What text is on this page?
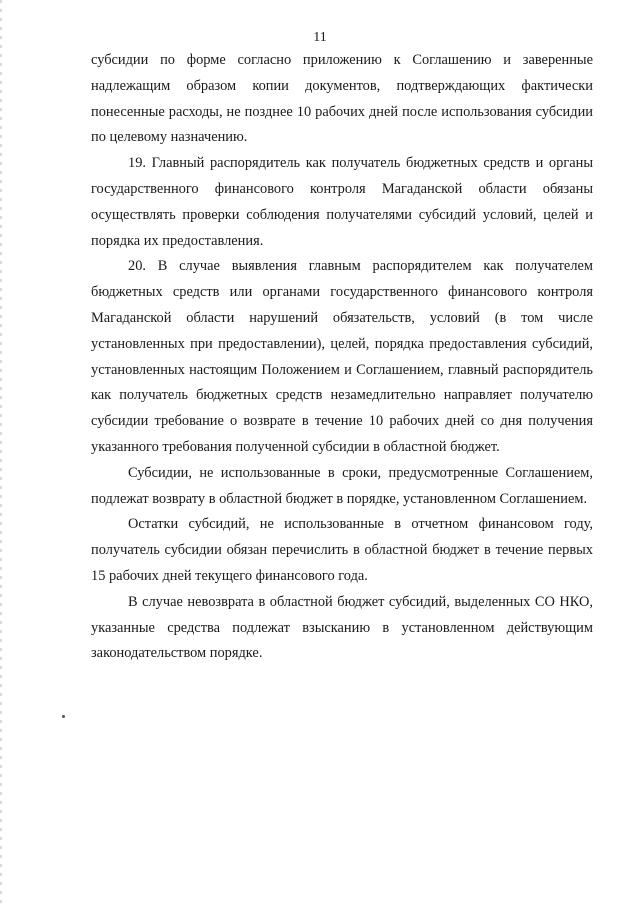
11

субсидии по форме согласно приложению к Соглашению и заверенные надлежащим образом копии документов, подтверждающих фактически понесенные расходы, не позднее 10 рабочих дней после использования субсидии по целевому назначению.

19. Главный распорядитель как получатель бюджетных средств и органы государственного финансового контроля Магаданской области обязаны осуществлять проверки соблюдения получателями субсидий условий, целей и порядка их предоставления.

20. В случае выявления главным распорядителем как получателем бюджетных средств или органами государственного финансового контроля Магаданской области нарушений обязательств, условий (в том числе установленных при предоставлении), целей, порядка предоставления субсидий, установленных настоящим Положением и Соглашением, главный распорядитель как получатель бюджетных средств незамедлительно направляет получателю субсидии требование о возврате в течение 10 рабочих дней со дня получения указанного требования полученной субсидии в областной бюджет.

Субсидии, не использованные в сроки, предусмотренные Соглашением, подлежат возврату в областной бюджет в порядке, установленном Соглашением.

Остатки субсидий, не использованные в отчетном финансовом году, получатель субсидии обязан перечислить в областной бюджет в течение первых 15 рабочих дней текущего финансового года.

В случае невозврата в областной бюджет субсидий, выделенных СО НКО, указанные средства подлежат взысканию в установленном действующим законодательством порядке.
